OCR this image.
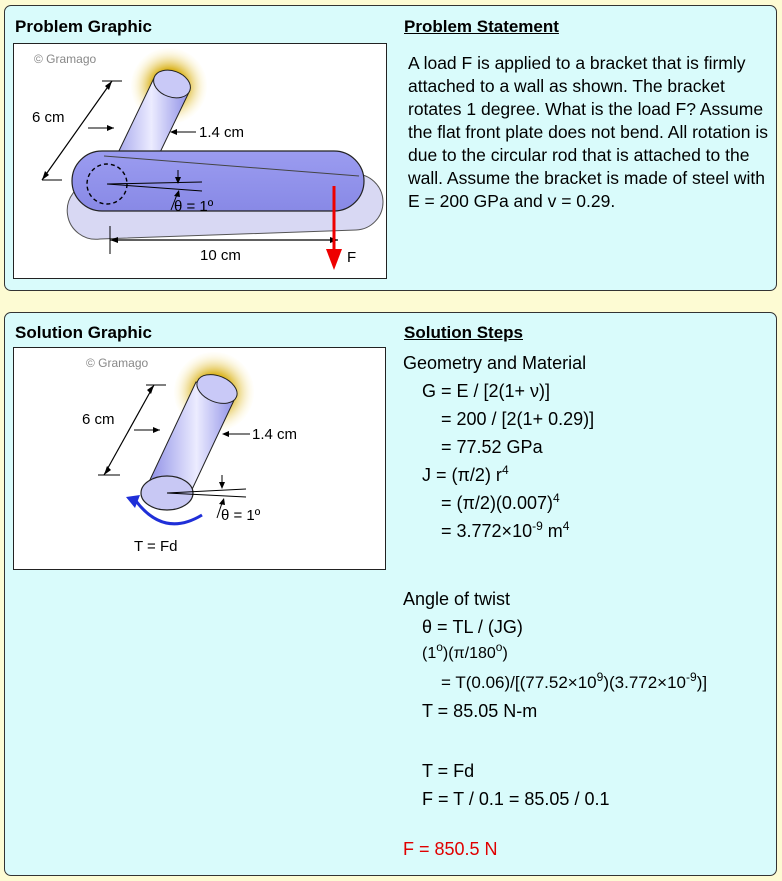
Problem Graphic	Problem Statement
© Gramago
6 cm
1.4 cm
θ = 1º
10 cm	F
A load F is applied to a bracket that is firmly attached to a wall as shown. The bracket rotates 1 degree. What is the load F? Assume the flat front plate does not bend. All rotation is due to the circular rod that is attached to the wall. Assume the bracket is made of steel with E = 200 GPa and v = 0.29.
Solution Graphic	Solution Steps
© Gramago
T = Fd
6 cm
1.4 cm
θ = 1º
Geometry and Material
G = E / [2(1+ ν)]
= 200 / [2(1+ 0.29)]
= 77.52 GPa
J = (π/2) $r^4$
= $(\pi/2)(0.007)^4$
= $3.772\times 10^{-9}$ $m^4$
Angle of twist
θ = TL / (JG)
$(1^o)(\pi/180^o)$
= $T(0.06)/[(77.52\times 10^9)(3.772\times 10^{-9})]$
T = 85.05 N-m
T = Fd
F = T / 0.1 = 85.05 / 0.1
F = 850.5 N
